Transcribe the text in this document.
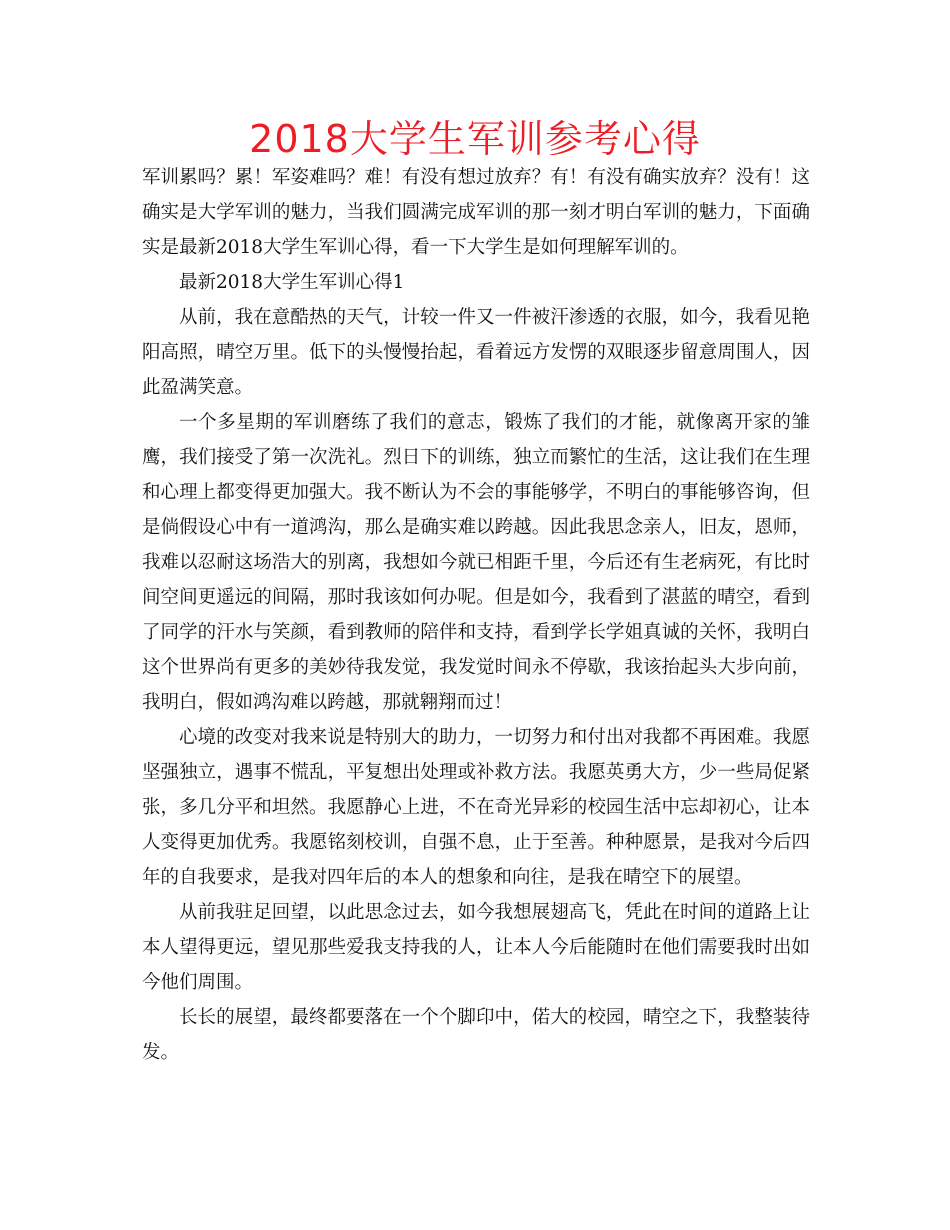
2018大学生军训参考心得

军训累吗？累！军姿难吗？难！有没有想过放弃？有！有没有确实放弃？没有！这确实是大学军训的魅力，当我们圆满完成军训的那一刻才明白军训的魅力，下面确实是最新2018大学生军训心得，看一下大学生是如何理解军训的。

最新2018大学生军训心得1

从前，我在意酷热的天气，计较一件又一件被汗渗透的衣服，如今，我看见艳阳高照，晴空万里。低下的头慢慢抬起，看着远方发愣的双眼逐步留意周围人，因此盈满笑意。

一个多星期的军训磨练了我们的意志，锻炼了我们的才能，就像离开家的雏鹰，我们接受了第一次洗礼。烈日下的训练，独立而繁忙的生活，这让我们在生理和心理上都变得更加强大。我不断认为不会的事能够学，不明白的事能够咨询，但是倘假设心中有一道鸿沟，那么是确实难以跨越。因此我思念亲人，旧友，恩师，我难以忍耐这场浩大的别离，我想如今就已相距千里，今后还有生老病死，有比时间空间更遥远的间隔，那时我该如何办呢。但是如今，我看到了湛蓝的晴空，看到了同学的汗水与笑颜，看到教师的陪伴和支持，看到学长学姐真诚的关怀，我明白这个世界尚有更多的美妙待我发觉，我发觉时间永不停歇，我该抬起头大步向前，我明白，假如鸿沟难以跨越，那就翱翔而过！

心境的改变对我来说是特别大的助力，一切努力和付出对我都不再困难。我愿坚强独立，遇事不慌乱，平复想出处理或补救方法。我愿英勇大方，少一些局促紧张，多几分平和坦然。我愿静心上进，不在奇光异彩的校园生活中忘却初心，让本人变得更加优秀。我愿铭刻校训，自强不息，止于至善。种种愿景，是我对今后四年的自我要求，是我对四年后的本人的想象和向往，是我在晴空下的展望。

从前我驻足回望，以此思念过去，如今我想展翅高飞，凭此在时间的道路上让本人望得更远，望见那些爱我支持我的人，让本人今后能随时在他们需要我时出如今他们周围。

长长的展望，最终都要落在一个个脚印中，偌大的校园，晴空之下，我整装待发。
